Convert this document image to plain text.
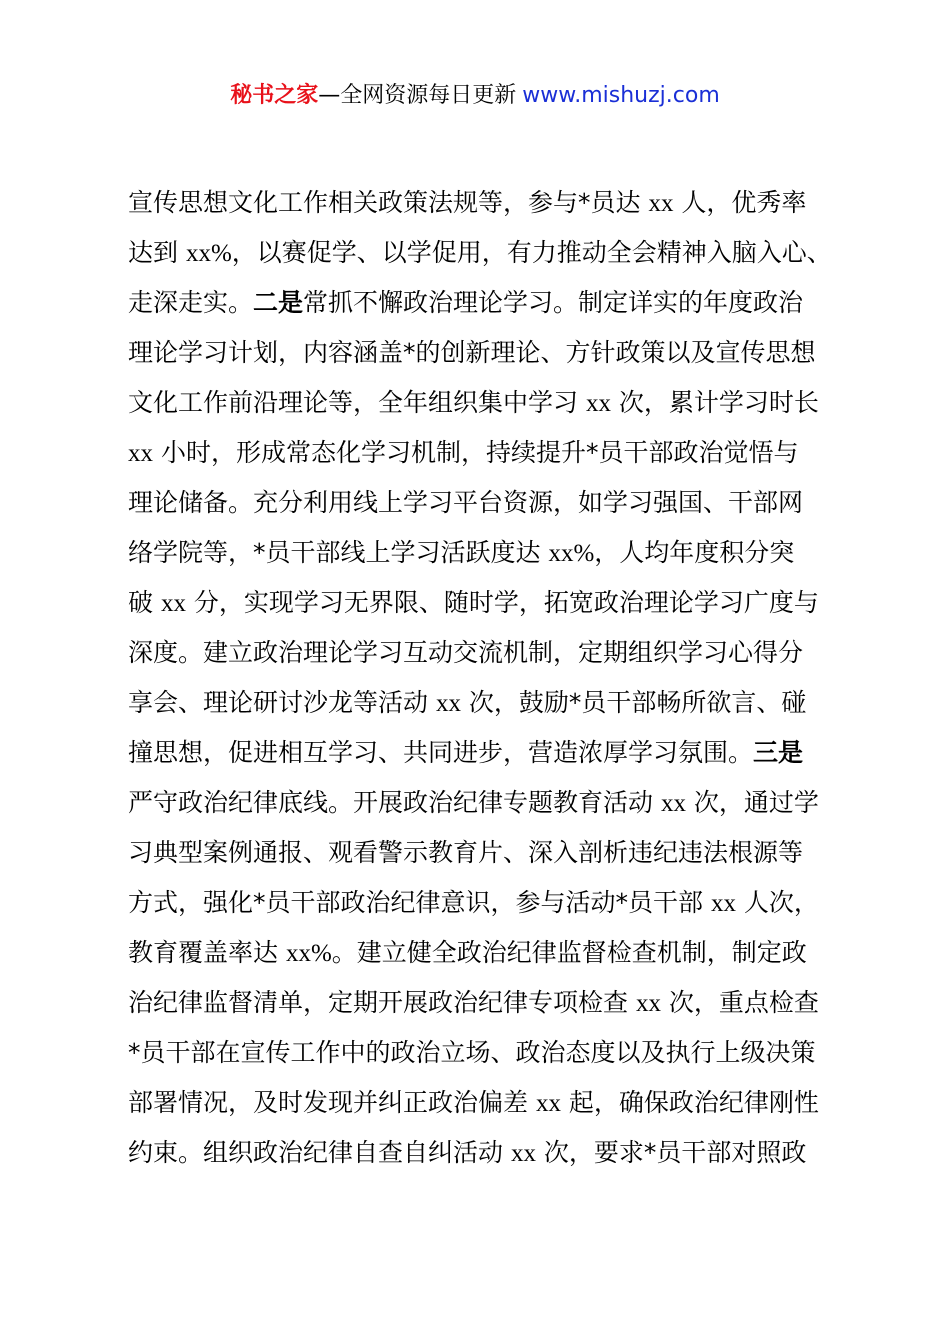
秘书之家—全网资源每日更新 www.mishuzj.com
宣传思想文化工作相关政策法规等，参与*员达 xx 人，优秀率
达到 xx%，以赛促学、以学促用，有力推动全会精神入脑入心、
走深走实。二是常抓不懈政治理论学习。制定详实的年度政治
理论学习计划，内容涵盖*的创新理论、方针政策以及宣传思想
文化工作前沿理论等，全年组织集中学习 xx 次，累计学习时长
xx 小时，形成常态化学习机制，持续提升*员干部政治觉悟与
理论储备。充分利用线上学习平台资源，如学习强国、干部网
络学院等，*员干部线上学习活跃度达 xx%，人均年度积分突
破 xx 分，实现学习无界限、随时学，拓宽政治理论学习广度与
深度。建立政治理论学习互动交流机制，定期组织学习心得分
享会、理论研讨沙龙等活动 xx 次，鼓励*员干部畅所欲言、碰
撞思想，促进相互学习、共同进步，营造浓厚学习氛围。三是
严守政治纪律底线。开展政治纪律专题教育活动 xx 次，通过学
习典型案例通报、观看警示教育片、深入剖析违纪违法根源等
方式，强化*员干部政治纪律意识，参与活动*员干部 xx 人次，
教育覆盖率达 xx%。建立健全政治纪律监督检查机制，制定政
治纪律监督清单，定期开展政治纪律专项检查 xx 次，重点检查
*员干部在宣传工作中的政治立场、政治态度以及执行上级决策
部署情况，及时发现并纠正政治偏差 xx 起，确保政治纪律刚性
约束。组织政治纪律自查自纠活动 xx 次，要求*员干部对照政
